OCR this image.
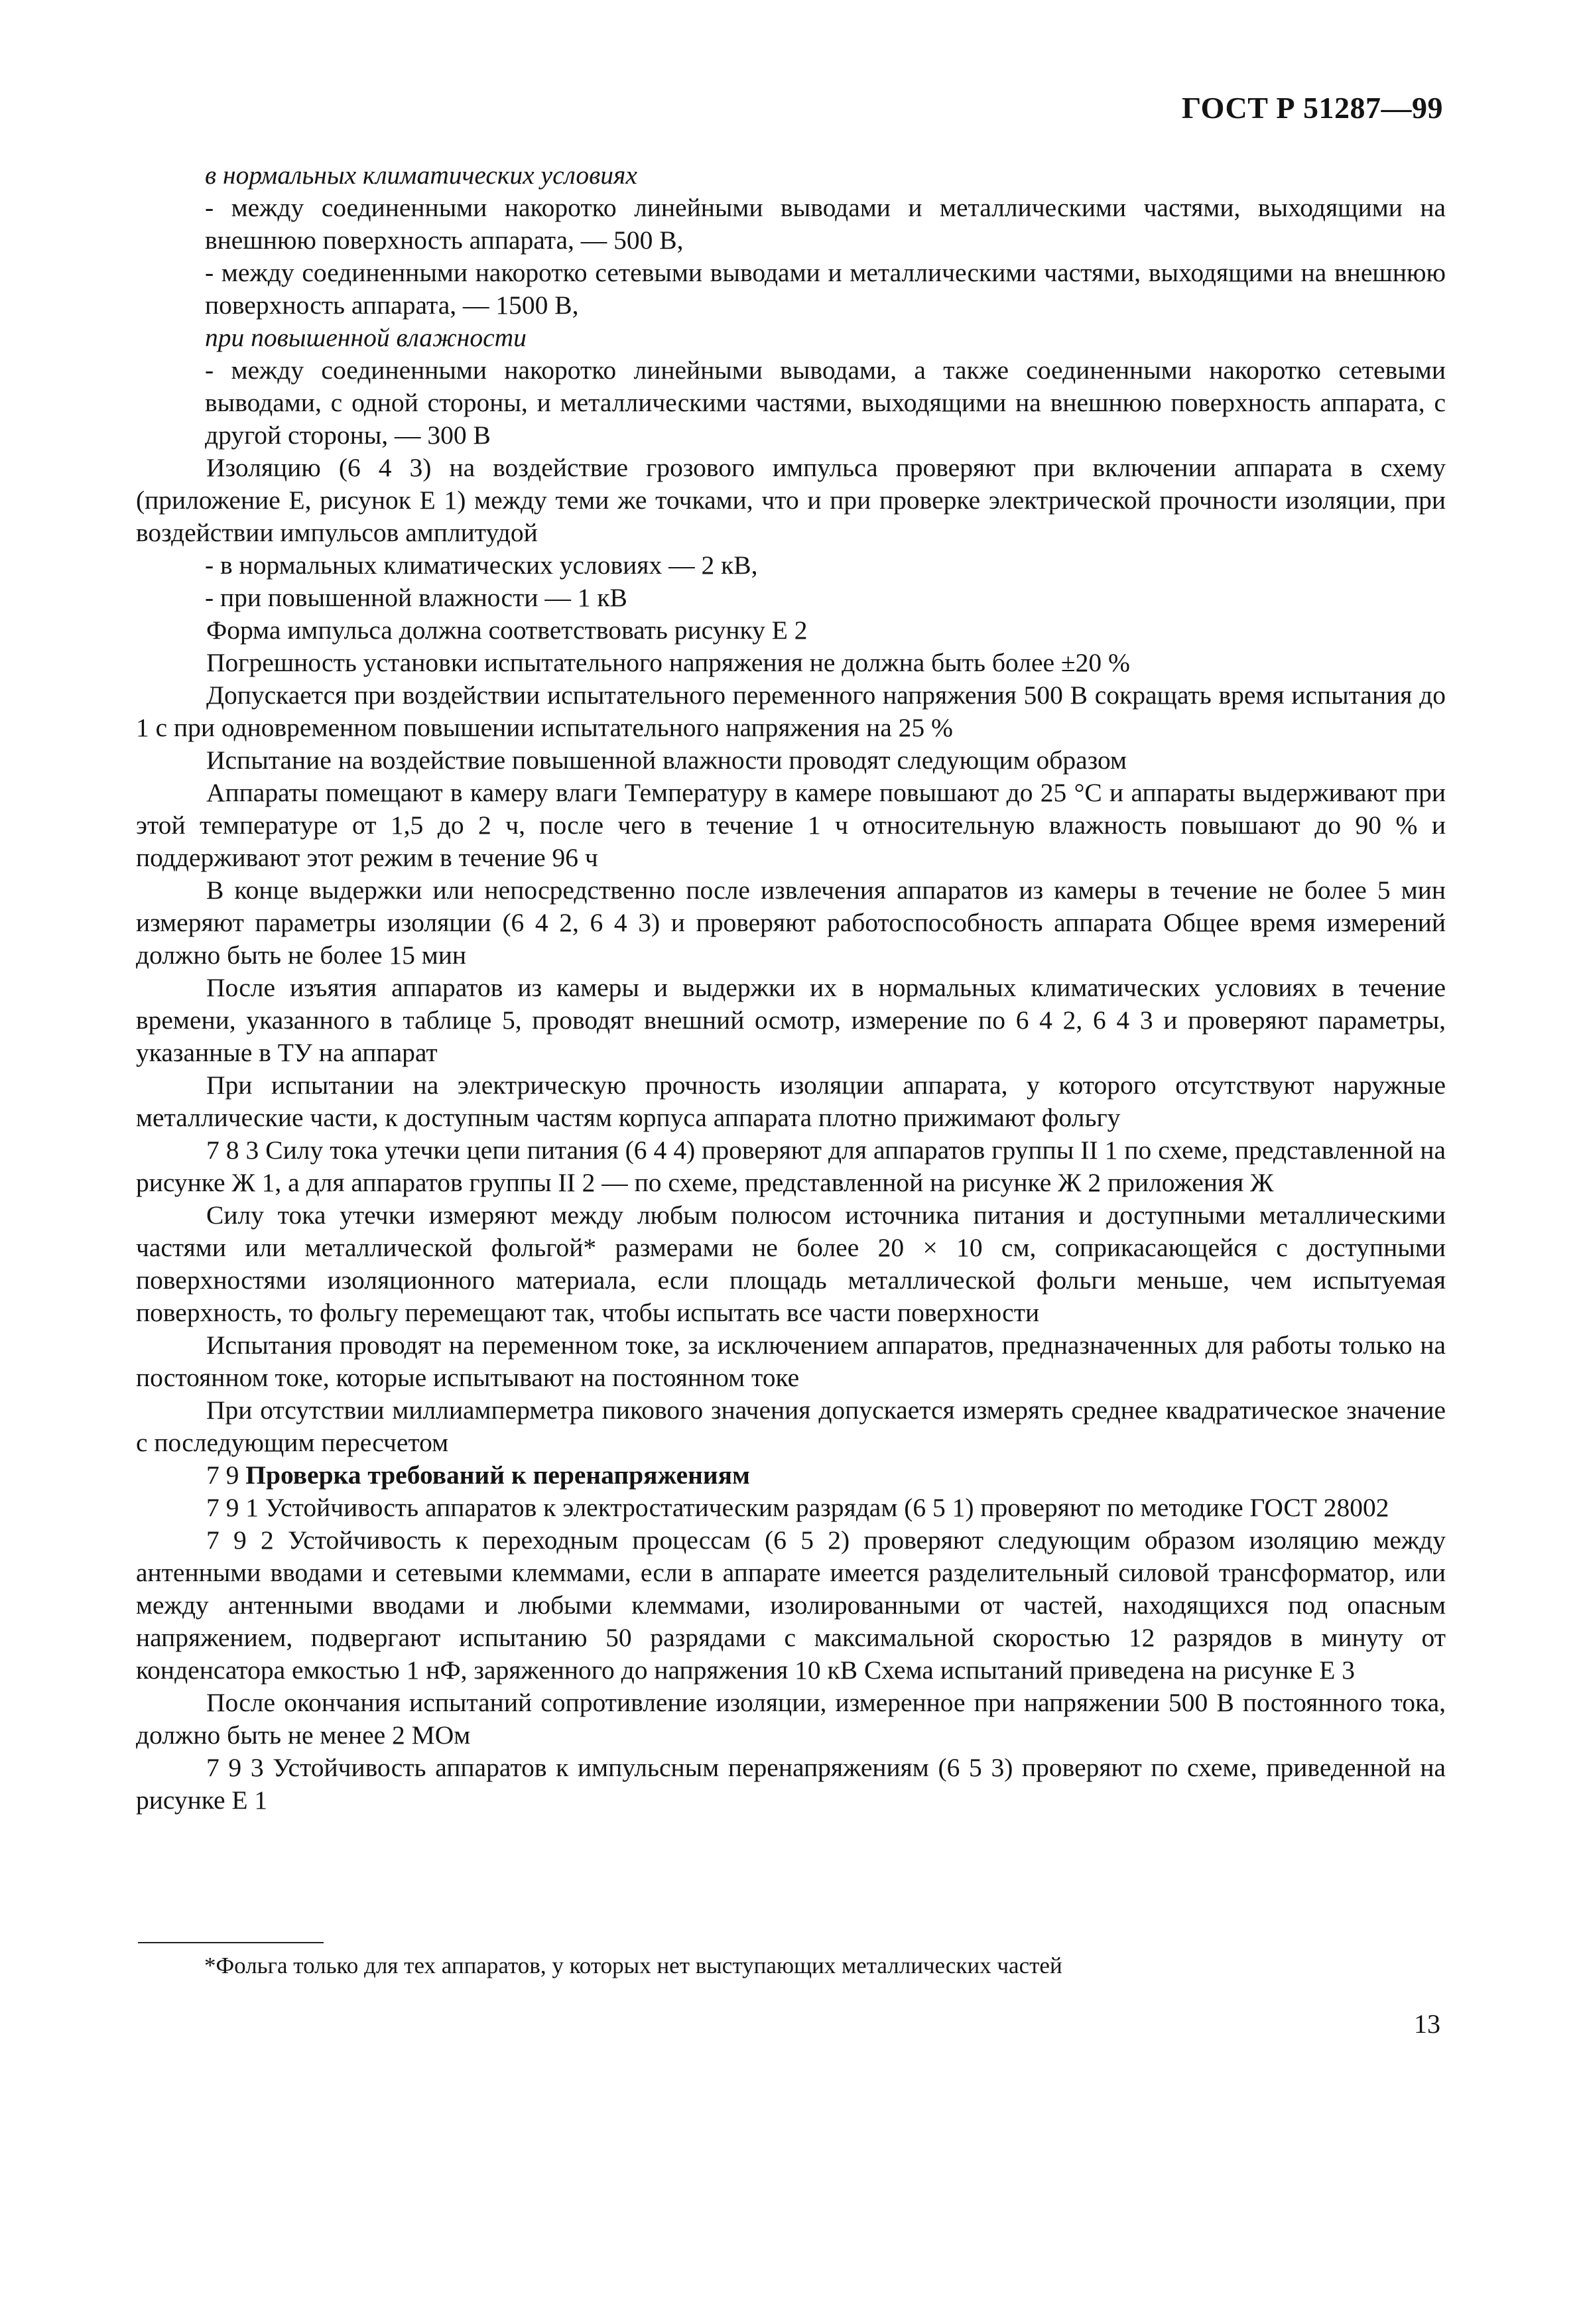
ГОСТ Р 51287—99

в нормальных климатических условиях

- между соединенными накоротко линейными выводами и металлическими частями, выходящими на внешнюю поверхность аппарата, — 500 В,

- между соединенными накоротко сетевыми выводами и металлическими частями, выходящими на внешнюю поверхность аппарата, — 1500 В,

при повышенной влажности

- между соединенными накоротко линейными выводами, а также соединенными накоротко сетевыми выводами, с одной стороны, и металлическими частями, выходящими на внешнюю поверхность аппарата, с другой стороны, — 300 В

Изоляцию (6 4 3) на воздействие грозового импульса проверяют при включении аппарата в схему (приложение Е, рисунок Е 1) между теми же точками, что и при проверке электрической прочности изоляции, при воздействии импульсов амплитудой

- в нормальных климатических условиях — 2 кВ,

- при повышенной влажности — 1 кВ

Форма импульса должна соответствовать рисунку Е 2

Погрешность установки испытательного напряжения не должна быть более ±20 %

Допускается при воздействии испытательного переменного напряжения 500 В сокращать время испытания до 1 с при одновременном повышении испытательного напряжения на 25 %

Испытание на воздействие повышенной влажности проводят следующим образом

Аппараты помещают в камеру влаги Температуру в камере повышают до 25 °С и аппараты выдерживают при этой температуре от 1,5 до 2 ч, после чего в течение 1 ч относительную влажность повышают до 90 % и поддерживают этот режим в течение 96 ч

В конце выдержки или непосредственно после извлечения аппаратов из камеры в течение не более 5 мин измеряют параметры изоляции (6 4 2, 6 4 3) и проверяют работоспособность аппарата Общее время измерений должно быть не более 15 мин

После изъятия аппаратов из камеры и выдержки их в нормальных климатических условиях в течение времени, указанного в таблице 5, проводят внешний осмотр, измерение по 6 4 2, 6 4 3 и проверяют параметры, указанные в ТУ на аппарат

При испытании на электрическую прочность изоляции аппарата, у которого отсутствуют наружные металлические части, к доступным частям корпуса аппарата плотно прижимают фольгу

7 8 3 Силу тока утечки цепи питания (6 4 4) проверяют для аппаратов группы II 1 по схеме, представленной на рисунке Ж 1, а для аппаратов группы II 2 — по схеме, представленной на рисунке Ж 2 приложения Ж

Силу тока утечки измеряют между любым полюсом источника питания и доступными металлическими частями или металлической фольгой* размерами не более 20 × 10 см, соприкасающейся с доступными поверхностями изоляционного материала, если площадь металлической фольги меньше, чем испытуемая поверхность, то фольгу перемещают так, чтобы испытать все части поверхности

Испытания проводят на переменном токе, за исключением аппаратов, предназначенных для работы только на постоянном токе, которые испытывают на постоянном токе

При отсутствии миллиамперметра пикового значения допускается измерять среднее квадратическое значение с последующим пересчетом

7 9 Проверка требований к перенапряжениям

7 9 1 Устойчивость аппаратов к электростатическим разрядам (6 5 1) проверяют по методике ГОСТ 28002

7 9 2 Устойчивость к переходным процессам (6 5 2) проверяют следующим образом изоляцию между антенными вводами и сетевыми клеммами, если в аппарате имеется разделительный силовой трансформатор, или между антенными вводами и любыми клеммами, изолированными от частей, находящихся под опасным напряжением, подвергают испытанию 50 разрядами с максимальной скоростью 12 разрядов в минуту от конденсатора емкостью 1 нФ, заряженного до напряжения 10 кВ Схема испытаний приведена на рисунке Е 3

После окончания испытаний сопротивление изоляции, измеренное при напряжении 500 В постоянного тока, должно быть не менее 2 МОм

7 9 3 Устойчивость аппаратов к импульсным перенапряжениям (6 5 3) проверяют по схеме, приведенной на рисунке Е 1

*Фольга только для тех аппаратов, у которых нет выступающих металлических частей
13
